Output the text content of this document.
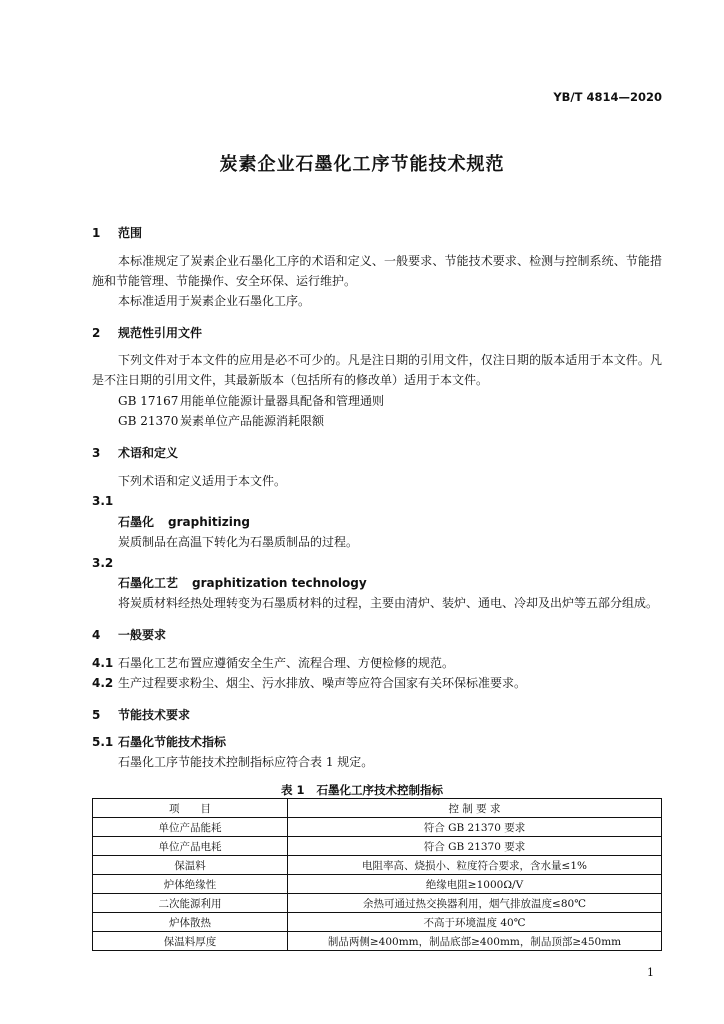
YB/T 4814—2020
炭素企业石墨化工序节能技术规范
1 范围
本标准规定了炭素企业石墨化工序的术语和定义、一般要求、节能技术要求、检测与控制系统、节能措施和节能管理、节能操作、安全环保、运行维护。
本标准适用于炭素企业石墨化工序。
2 规范性引用文件
下列文件对于本文件的应用是必不可少的。凡是注日期的引用文件，仅注日期的版本适用于本文件。凡是不注日期的引用文件，其最新版本（包括所有的修改单）适用于本文件。
GB 17167 用能单位能源计量器具配备和管理通则
GB 21370 炭素单位产品能源消耗限额
3 术语和定义
下列术语和定义适用于本文件。
3.1
石墨化 graphitizing
炭质制品在高温下转化为石墨质制品的过程。
3.2
石墨化工艺 graphitization technology
将炭质材料经热处理转变为石墨质材料的过程，主要由清炉、装炉、通电、冷却及出炉等五部分组成。
4 一般要求
4.1 石墨化工艺布置应遵循安全生产、流程合理、方便检修的规范。
4.2 生产过程要求粉尘、烟尘、污水排放、噪声等应符合国家有关环保标准要求。
5 节能技术要求
5.1 石墨化节能技术指标
石墨化工序节能技术控制指标应符合表 1 规定。
表 1 石墨化工序技术控制指标
项　　目	控 制 要 求
单位产品能耗	符合 GB 21370 要求
单位产品电耗	符合 GB 21370 要求
保温料	电阻率高、烧损小、粒度符合要求，含水量≤1%
炉体绝缘性	绝缘电阻≥1000Ω/V
二次能源利用	余热可通过热交换器利用，烟气排放温度≤80℃
炉体散热	不高于环境温度 40℃
保温料厚度	制品两侧≥400mm，制品底部≥400mm，制品顶部≥450mm
1
